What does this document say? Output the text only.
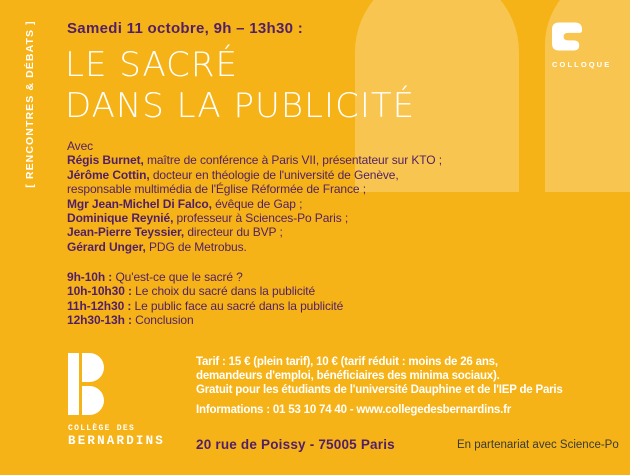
[ RENCONTRES & DÉBATS ] Samedi 11 octobre, 9h – 13h30 :
LE SACRÉ
DANS LA PUBLICITÉ
COLLOQUE
Avec
Régis Burnet, maître de conférence à Paris VII, présentateur sur KTO ;
Jérôme Cottin, docteur en théologie de l'université de Genève,
responsable multimédia de l'Église Réformée de France ;
Mgr Jean-Michel Di Falco, évêque de Gap ;
Dominique Reynié, professeur à Sciences-Po Paris ;
Jean-Pierre Teyssier, directeur du BVP ;
Gérard Unger, PDG de Metrobus.
9h-10h : Qu'est-ce que le sacré ?
10h-10h30 : Le choix du sacré dans la publicité
11h-12h30 : Le public face au sacré dans la publicité
12h30-13h : Conclusion
COLLÈGE DES
BERNARDINS
Tarif : 15 € (plein tarif), 10 € (tarif réduit : moins de 26 ans,
demandeurs d'emploi, bénéficiaires des minima sociaux).
Gratuit pour les étudiants de l'université Dauphine et de l'IEP de Paris
Informations : 01 53 10 74 40 - www.collegedesbernardins.fr
20 rue de Poissy - 75005 Paris	En partenariat avec Science-Po
